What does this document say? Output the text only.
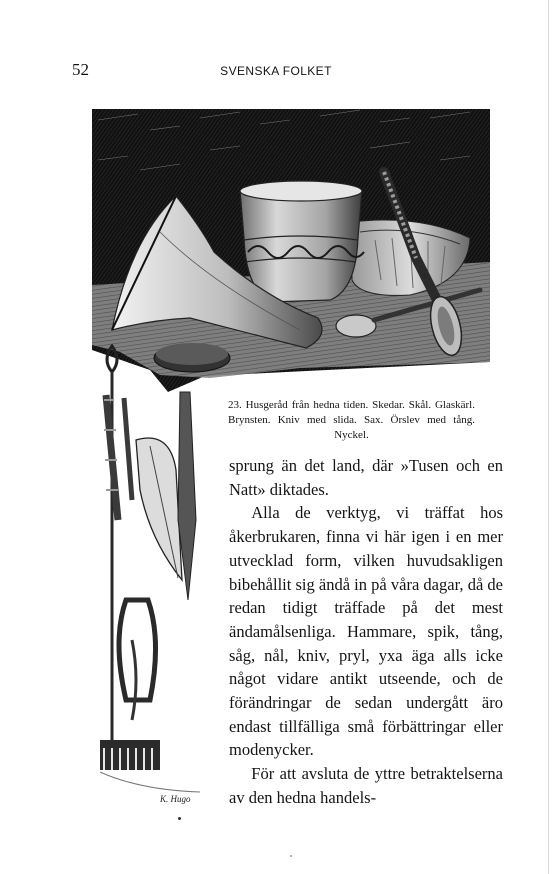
52	SVENSKA FOLKET
K. Hugo
23. Husgeråd från hedna tiden. Skedar. Skål. Glaskärl. Brynsten. Kniv med slida. Sax. Örslev med tång. Nyckel.

sprung än det land, där »Tusen och en Natt» diktades.

Alla de verktyg, vi träffat hos åkerbrukaren, finna vi här igen i en mer utvecklad form, vilken huvudsakligen bibehållit sig ändå in på våra dagar, då de redan tidigt träffade på det mest ändamålsenliga. Hammare, spik, tång, såg, nål, kniv, pryl, yxa äga alls icke något vidare antikt utseende, och de förändringar de sedan undergått äro endast tillfälliga små förbättringar eller modenycker.

För att avsluta de yttre betraktelserna av den hedna handels-
